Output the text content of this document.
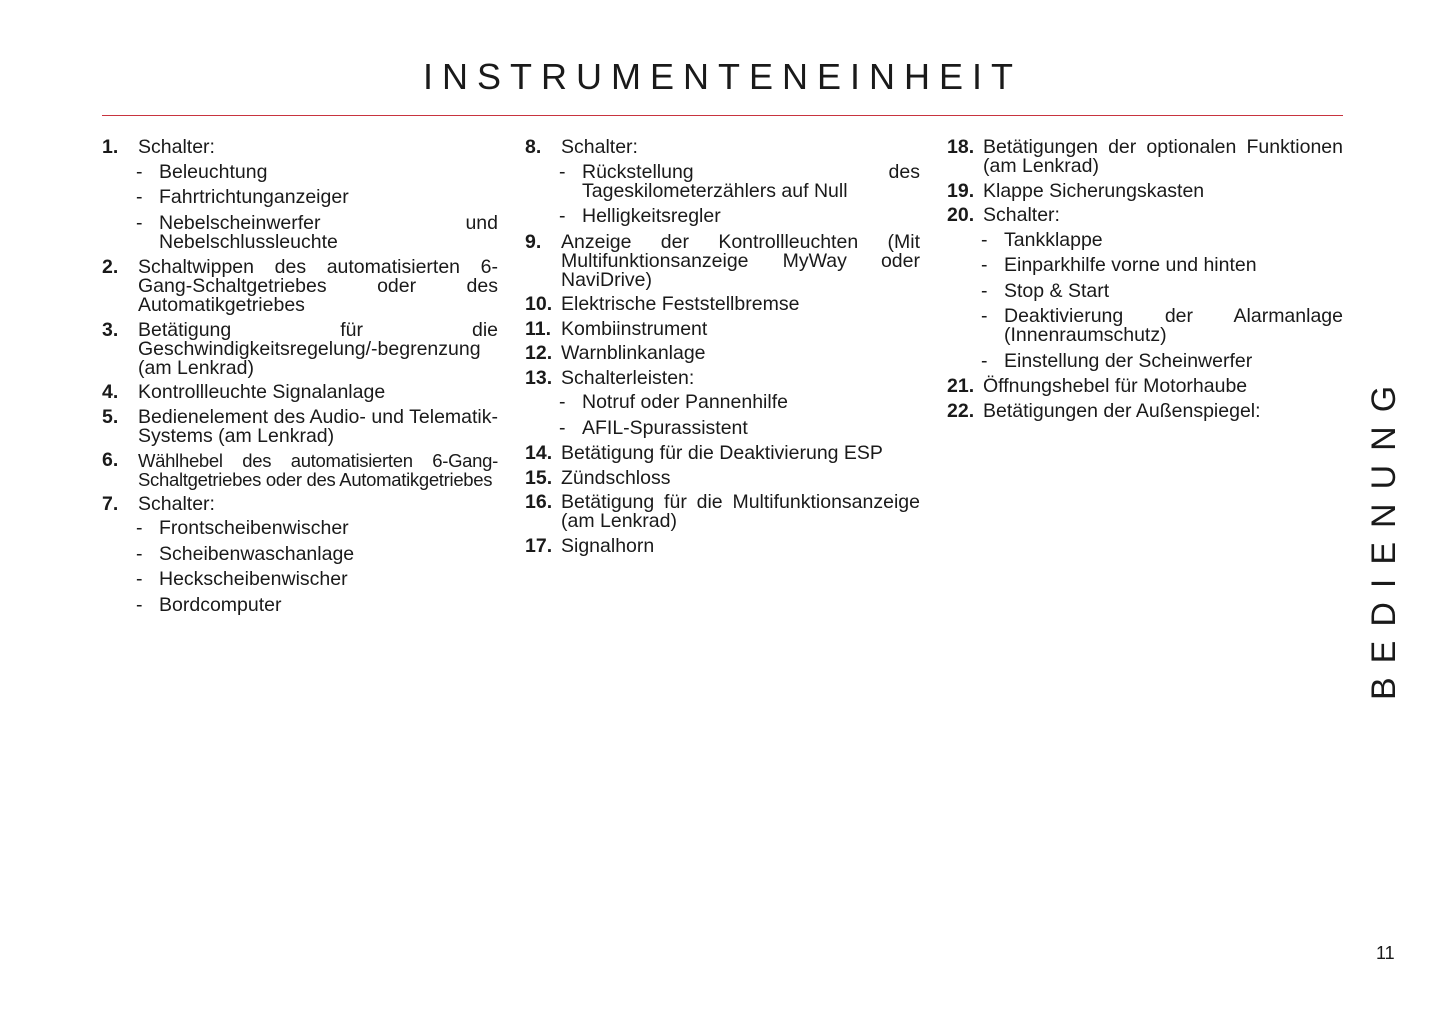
INSTRUMENTENEINHEIT
1.	Schalter:
- Beleuchtung
- Fahrtrichtunganzeiger
- Nebelscheinwerfer und Nebelschlussleuchte
2.	Schaltwippen des automatisierten 6-Gang-Schaltgetriebes oder des Automatikgetriebes
3.	Betätigung für die Geschwindigkeitsregelung/-begrenzung (am Lenkrad)
4.	Kontrollleuchte Signalanlage
5.	Bedienelement des Audio- und Telematik-Systems (am Lenkrad)
6.	Wählhebel des automatisierten 6-Gang-Schaltgetriebes oder des Automatikgetriebes
7.	Schalter:
- Frontscheibenwischer
- Scheibenwaschanlage
- Heckscheibenwischer
- Bordcomputer
8.	Schalter:
- Rückstellung des Tageskilometerzählers auf Null
- Helligkeitsregler
9.	Anzeige der Kontrollleuchten (Mit Multifunktionsanzeige MyWay oder NaviDrive)
10. Elektrische Feststellbremse
11. Kombiinstrument
12. Warnblinkanlage
13. Schalterleisten:
- Notruf oder Pannenhilfe
- AFIL-Spurassistent
14. Betätigung für die Deaktivierung ESP
15. Zündschloss
16. Betätigung für die Multifunktionsanzeige (am Lenkrad)
17. Signalhorn
18. Betätigungen der optionalen Funktionen (am Lenkrad)
19. Klappe Sicherungskasten
20. Schalter:
- Tankklappe
- Einparkhilfe vorne und hinten
- Stop & Start
- Deaktivierung der Alarmanlage (Innenraumschutz)
- Einstellung der Scheinwerfer
21. Öffnungshebel für Motorhaube
22. Betätigungen der Außenspiegel:	BEDIENUNG
11
